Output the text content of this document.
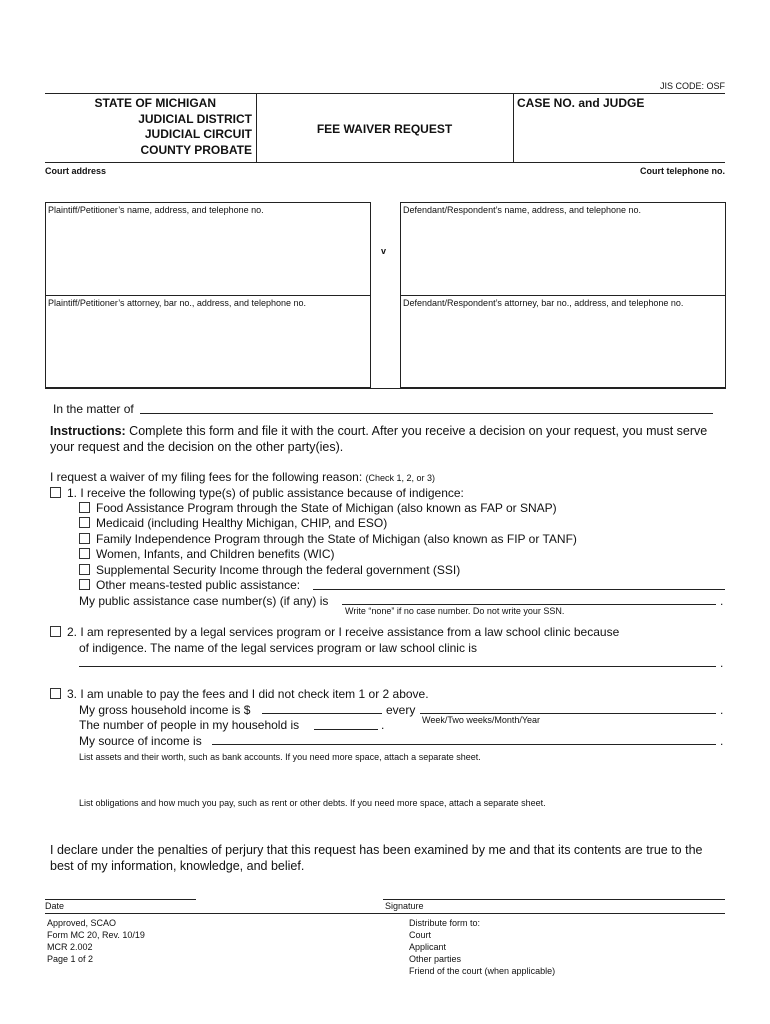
JIS CODE: OSF
STATE OF MICHIGAN
JUDICIAL DISTRICT
JUDICIAL CIRCUIT
COUNTY PROBATE
FEE WAIVER REQUEST
CASE NO. and JUDGE
Court address	Court telephone no.
Plaintiff/Petitioner’s name, address, and telephone no.	Defendant/Respondent’s name, address, and telephone no.
v
Plaintiff/Petitioner’s attorney, bar no., address, and telephone no.	Defendant/Respondent’s attorney, bar no., address, and telephone no.
In the matter of
Instructions: Complete this form and file it with the court. After you receive a decision on your request, you must serve your request and the decision on the other party(ies).
I request a waiver of my filing fees for the following reason: (Check 1, 2, or 3)
1. I receive the following type(s) of public assistance because of indigence:
Food Assistance Program through the State of Michigan (also known as FAP or SNAP)
Medicaid (including Healthy Michigan, CHIP, and ESO)
Family Independence Program through the State of Michigan (also known as FIP or TANF)
Women, Infants, and Children benefits (WIC)
Supplemental Security Income through the federal government (SSI)
Other means-tested public assistance:
My public assistance case number(s) (if any) is	.
Write “none” if no case number. Do not write your SSN.
2. I am represented by a legal services program or I receive assistance from a law school clinic because
of indigence. The name of the legal services program or law school clinic is
.
3. I am unable to pay the fees and I did not check item 1 or 2 above.
My gross household income is $	every	.
Week/Two weeks/Month/Year
The number of people in my household is	.
My source of income is	.
List assets and their worth, such as bank accounts. If you need more space, attach a separate sheet.
List obligations and how much you pay, such as rent or other debts. If you need more space, attach a separate sheet.
I declare under the penalties of perjury that this request has been examined by me and that its contents are true to the best of my information, knowledge, and belief.
Date	Signature
Approved, SCAO
Form MC 20, Rev. 10/19
MCR 2.002
Page 1 of 2
Distribute form to:
Court
Applicant
Other parties
Friend of the court (when applicable)
